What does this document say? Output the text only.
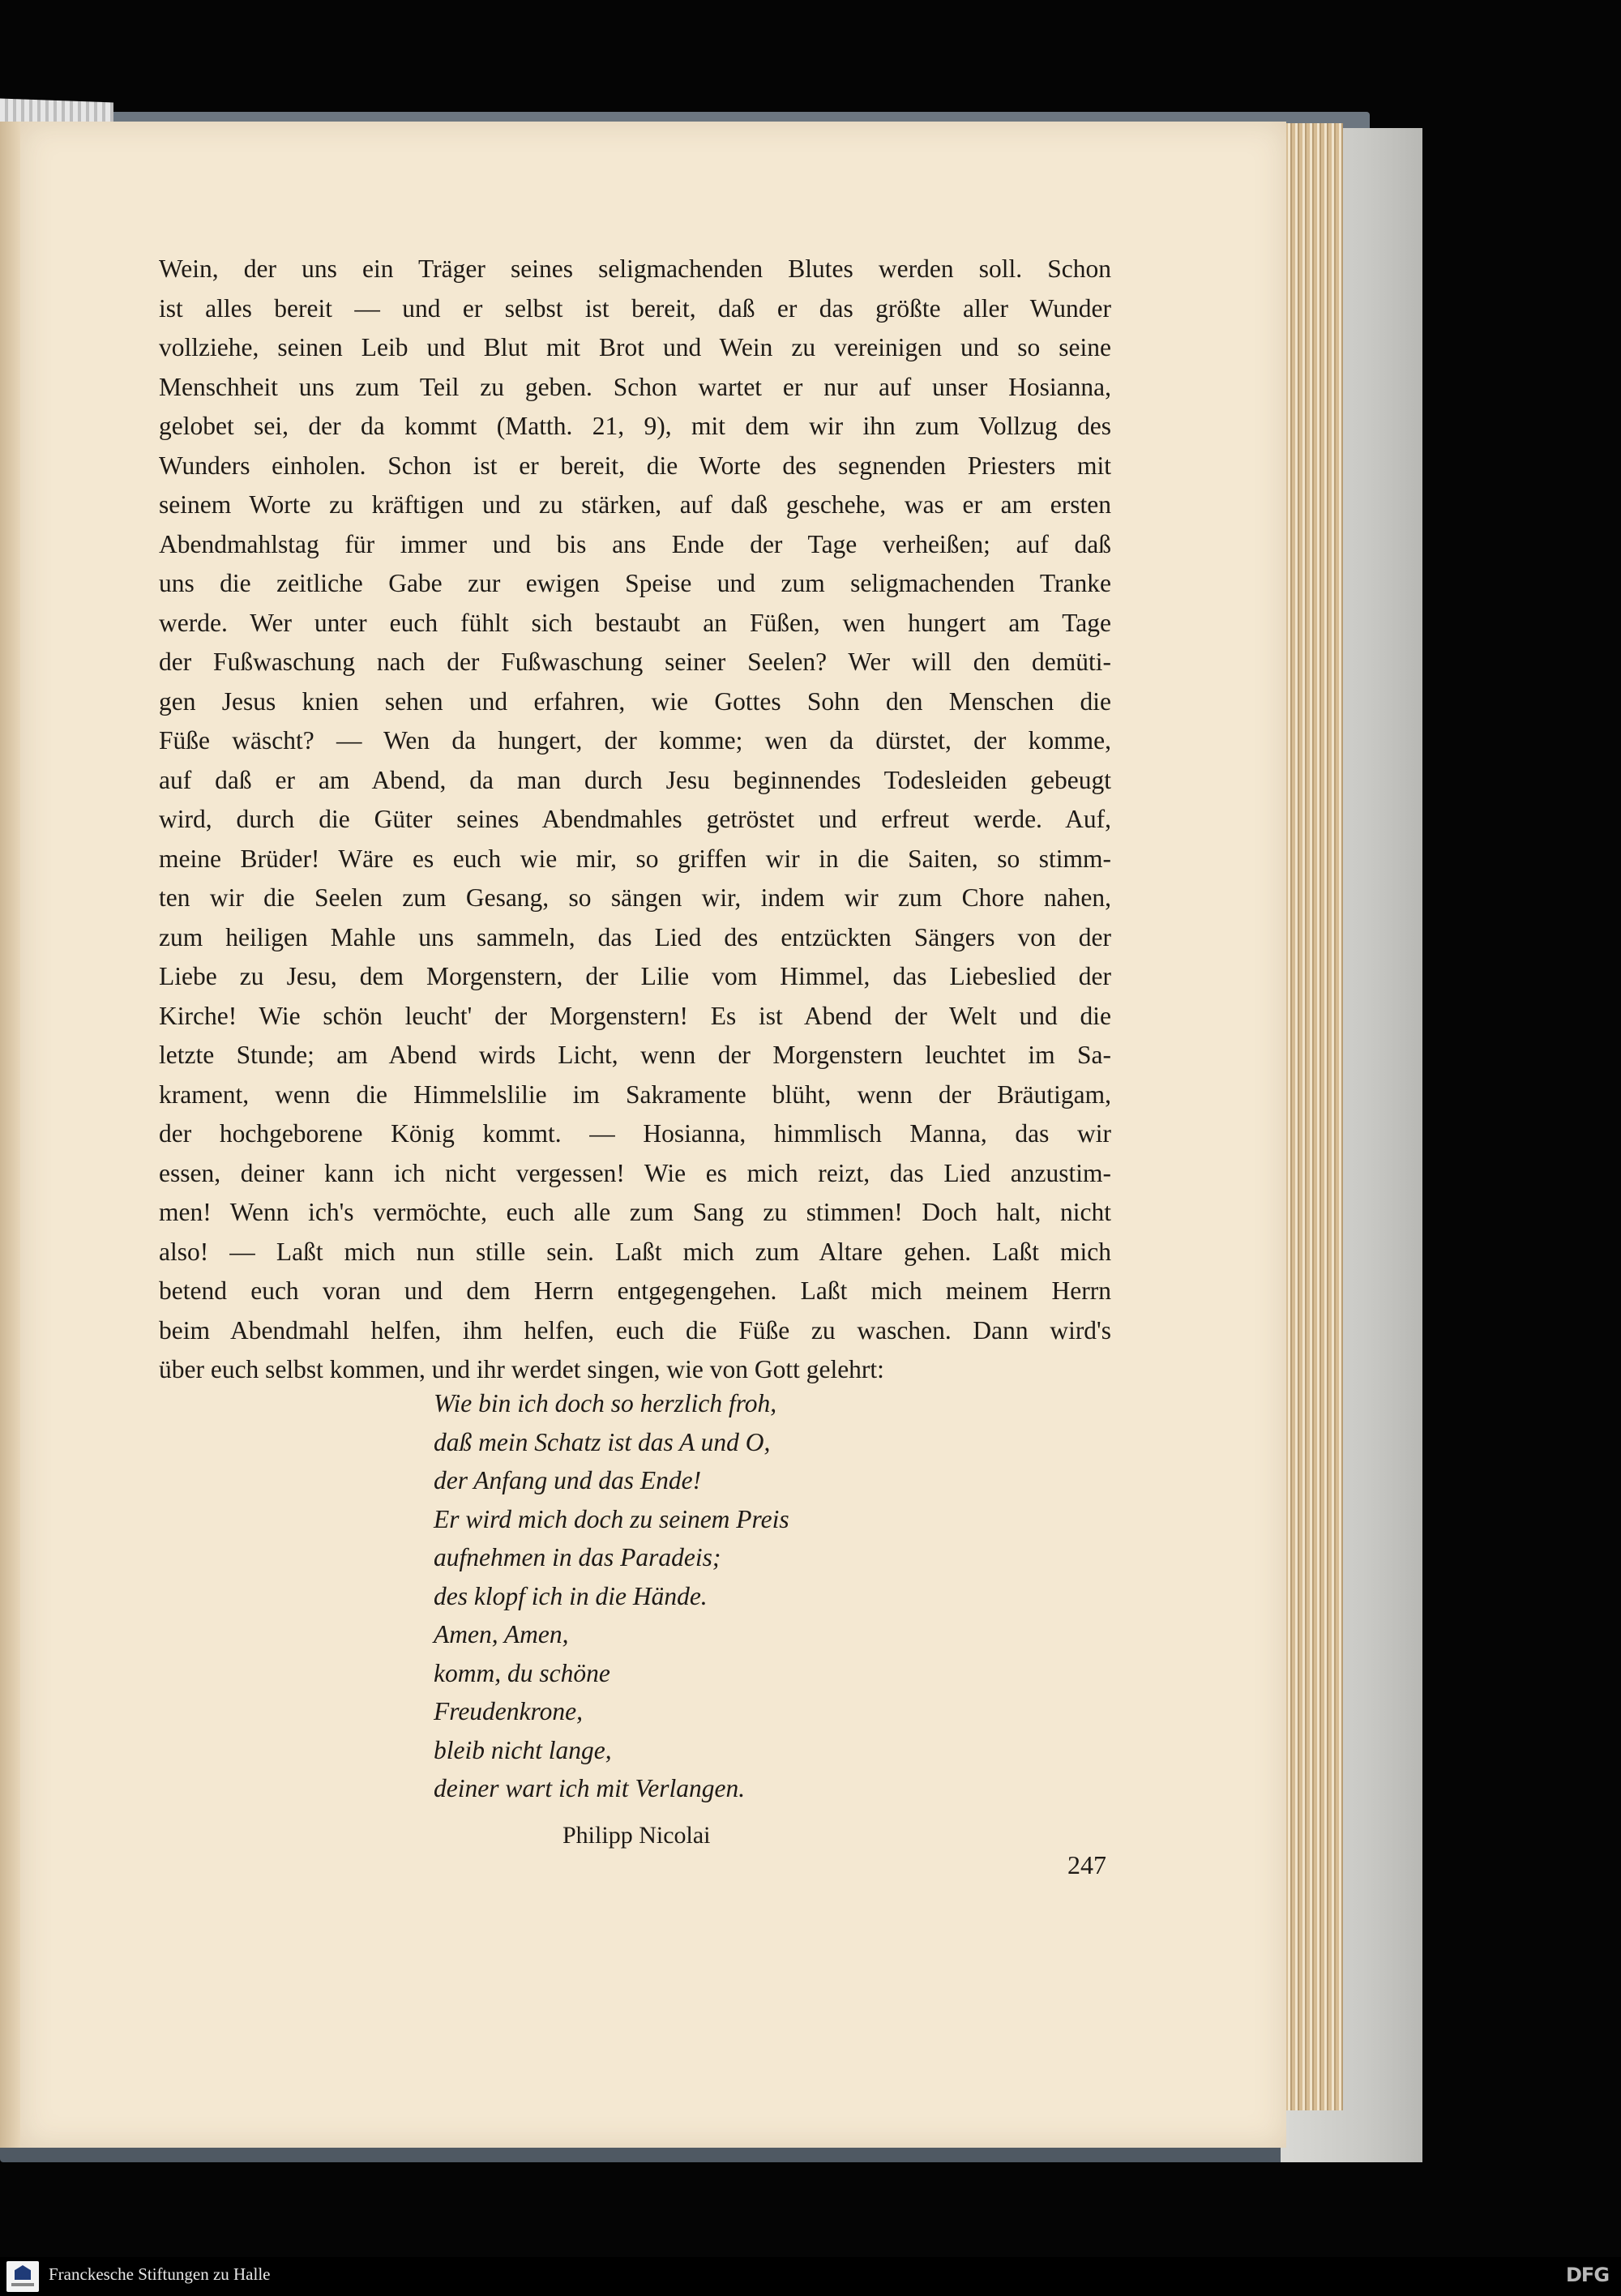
Wein, der uns ein Träger seines seligmachenden Blutes werden soll. Schon
ist alles bereit — und er selbst ist bereit, daß er das größte aller Wunder
vollziehe, seinen Leib und Blut mit Brot und Wein zu vereinigen und so seine
Menschheit uns zum Teil zu geben. Schon wartet er nur auf unser Hosianna,
gelobet sei, der da kommt (Matth. 21, 9), mit dem wir ihn zum Vollzug des
Wunders einholen. Schon ist er bereit, die Worte des segnenden Priesters mit
seinem Worte zu kräftigen und zu stärken, auf daß geschehe, was er am ersten
Abendmahlstag für immer und bis ans Ende der Tage verheißen; auf daß
uns die zeitliche Gabe zur ewigen Speise und zum seligmachenden Tranke
werde. Wer unter euch fühlt sich bestaubt an Füßen, wen hungert am Tage
der Fußwaschung nach der Fußwaschung seiner Seelen? Wer will den demüti-
gen Jesus knien sehen und erfahren, wie Gottes Sohn den Menschen die
Füße wäscht? — Wen da hungert, der komme; wen da dürstet, der komme,
auf daß er am Abend, da man durch Jesu beginnendes Todesleiden gebeugt
wird, durch die Güter seines Abendmahles getröstet und erfreut werde. Auf,
meine Brüder! Wäre es euch wie mir, so griffen wir in die Saiten, so stimm-
ten wir die Seelen zum Gesang, so sängen wir, indem wir zum Chore nahen,
zum heiligen Mahle uns sammeln, das Lied des entzückten Sängers von der
Liebe zu Jesu, dem Morgenstern, der Lilie vom Himmel, das Liebeslied der
Kirche! Wie schön leucht' der Morgenstern! Es ist Abend der Welt und die
letzte Stunde; am Abend wirds Licht, wenn der Morgenstern leuchtet im Sa-
krament, wenn die Himmelslilie im Sakramente blüht, wenn der Bräutigam,
der hochgeborene König kommt. — Hosianna, himmlisch Manna, das wir
essen, deiner kann ich nicht vergessen! Wie es mich reizt, das Lied anzustim-
men! Wenn ich's vermöchte, euch alle zum Sang zu stimmen! Doch halt, nicht
also! — Laßt mich nun stille sein. Laßt mich zum Altare gehen. Laßt mich
betend euch voran und dem Herrn entgegengehen. Laßt mich meinem Herrn
beim Abendmahl helfen, ihm helfen, euch die Füße zu waschen. Dann wird's
über euch selbst kommen, und ihr werdet singen, wie von Gott gelehrt:
Wie bin ich doch so herzlich froh,
daß mein Schatz ist das A und O,
der Anfang und das Ende!
Er wird mich doch zu seinem Preis
aufnehmen in das Paradeis;
des klopf ich in die Hände.
Amen, Amen,
komm, du schöne
Freudenkrone,
bleib nicht lange,
deiner wart ich mit Verlangen.
Philipp Nicolai
247
Franckesche Stiftungen zu Halle	DFG
